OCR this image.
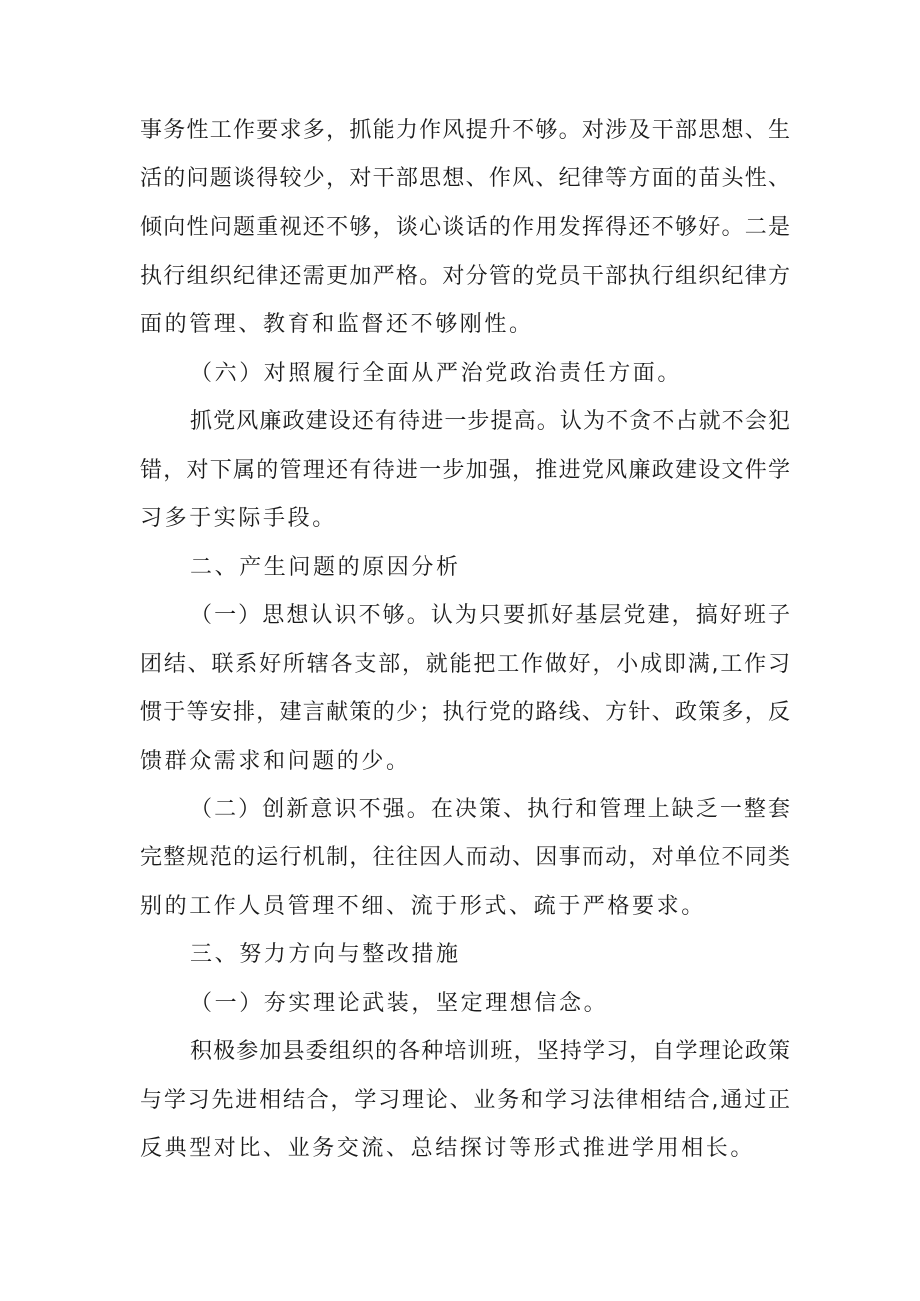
事务性工作要求多，抓能力作风提升不够。对涉及干部思想、生
活的问题谈得较少，对干部思想、作风、纪律等方面的苗头性、
倾向性问题重视还不够，谈心谈话的作用发挥得还不够好。二是
执行组织纪律还需更加严格。对分管的党员干部执行组织纪律方
面的管理、教育和监督还不够刚性。
（六）对照履行全面从严治党政治责任方面。
抓党风廉政建设还有待进一步提高。认为不贪不占就不会犯
错，对下属的管理还有待进一步加强，推进党风廉政建设文件学
习多于实际手段。
二、产生问题的原因分析
（一）思想认识不够。认为只要抓好基层党建，搞好班子
团结、联系好所辖各支部，就能把工作做好，小成即满,工作习
惯于等安排，建言献策的少；执行党的路线、方针、政策多，反
馈群众需求和问题的少。
（二）创新意识不强。在决策、执行和管理上缺乏一整套
完整规范的运行机制，往往因人而动、因事而动，对单位不同类
别的工作人员管理不细、流于形式、疏于严格要求。
三、努力方向与整改措施
（一）夯实理论武装，坚定理想信念。
积极参加县委组织的各种培训班，坚持学习，自学理论政策
与学习先进相结合，学习理论、业务和学习法律相结合,通过正
反典型对比、业务交流、总结探讨等形式推进学用相长。
